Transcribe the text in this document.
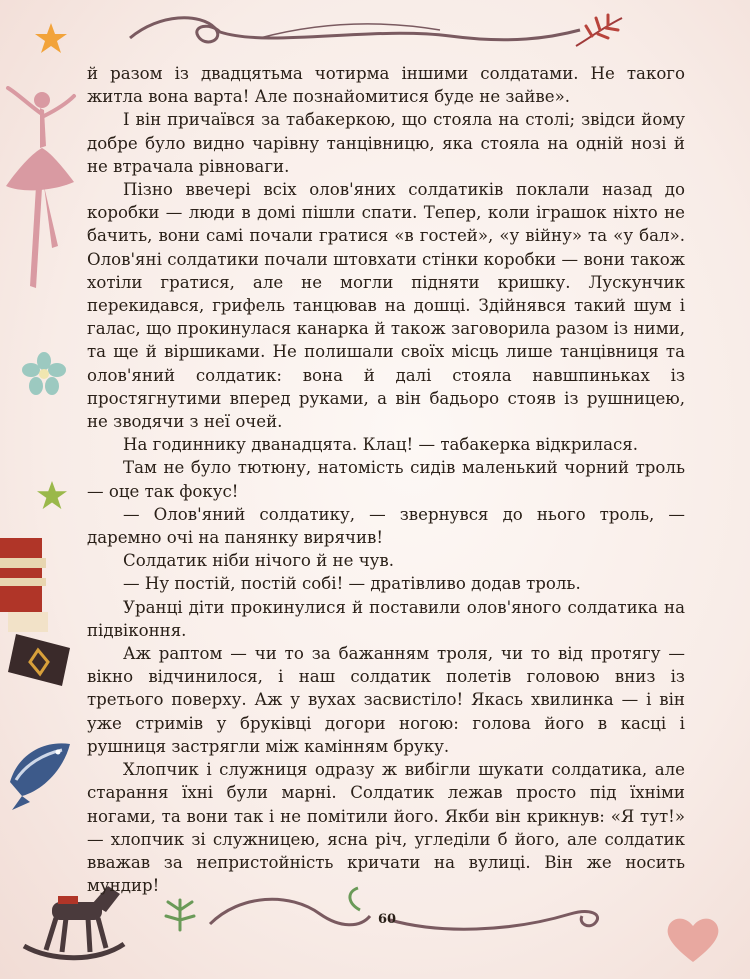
й разом із двадцятьма чотирма іншими солдатами. Не такого житла вона варта! Але познайомитися буде не зайве».

І він причаївся за табакеркою, що стояла на столі; звідси йому добре було видно чарівну танцівницю, яка стояла на одній нозі й не втрачала рівноваги.

Пізно ввечері всіх олов'яних солдатиків поклали назад до коробки — люди в домі пішли спати. Тепер, коли іграшок ніхто не бачить, вони самі почали гратися «в гостей», «у війну» та «у бал». Олов'яні солдатики почали штовхати стінки коробки — вони також хотіли гратися, але не могли підняти кришку. Лускунчик перекидався, грифель танцював на дошці. Здійнявся такий шум і галас, що прокинулася канарка й також заговорила разом із ними, та ще й віршиками. Не полишали своїх місць лише танцівниця та олов'яний солдатик: вона й далі стояла навшпиньках із простягнутими вперед руками, а він бадьоро стояв із рушницею, не зводячи з неї очей.

На годиннику дванадцята. Клац! — табакерка відкрилася.

Там не було тютюну, натомість сидів маленький чорний троль — оце так фокус!

— Олов'яний солдатику, — звернувся до нього троль, — даремно очі на панянку вирячив!

Солдатик ніби нічого й не чув.

— Ну постій, постій собі! — дратівливо додав троль.

Уранці діти прокинулися й поставили олов'яного солдатика на підвіконня.

Аж раптом — чи то за бажанням троля, чи то від протягу — вікно відчинилося, і наш солдатик полетів головою вниз із третього поверху. Аж у вухах засвистіло! Якась хвилинка — і він уже стримів у бруківці догори ногою: голова його в касці і рушниця застрягли між камінням бруку.

Хлопчик і служниця одразу ж вибігли шукати солдатика, але старання їхні були марні. Солдатик лежав просто під їхніми ногами, та вони так і не помітили його. Якби він крикнув: «Я тут!» — хлопчик зі служницею, ясна річ, угледіли б його, але солдатик вважав за непристойність кричати на вулиці. Він же носить мундир!

60
